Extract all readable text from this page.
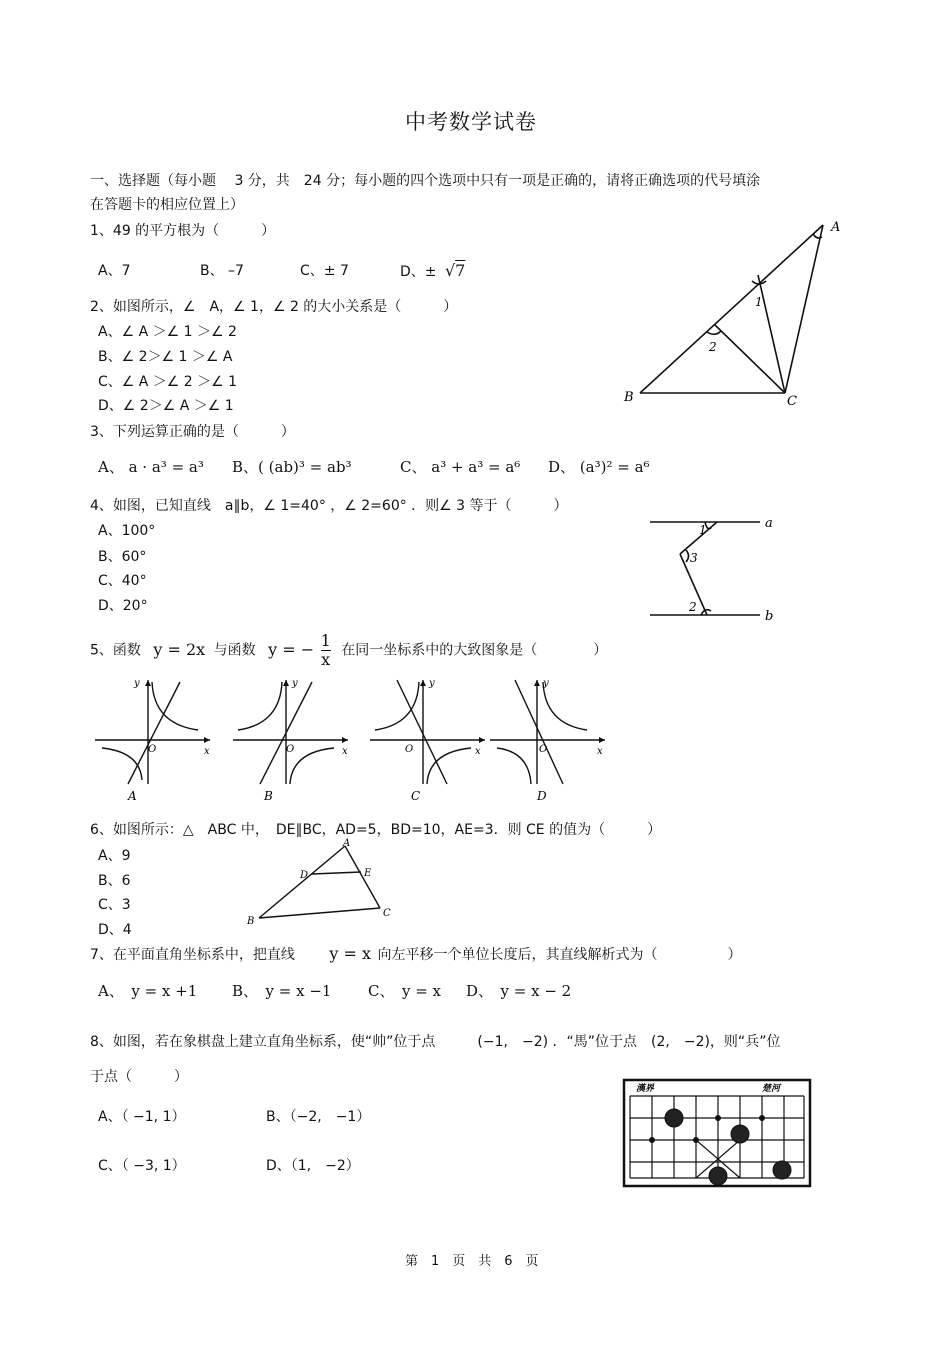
中考数学试卷
一、选择题（每小题　 3 分，共　24 分；每小题的四个选项中只有一项是正确的，请将正确选项的代号填涂
在答题卡的相应位置上）
1、49 的平方根为（　　　）
A、7	B、 –7	C、± 7	D、± √7
2、如图所示，∠　A，∠ 1，∠ 2 的大小关系是（　　　）
A、∠ A ＞∠ 1 ＞∠ 2
B、∠ 2＞∠ 1 ＞∠ A
C、∠ A ＞∠ 2 ＞∠ 1
D、∠ 2＞∠ A ＞∠ 1
B	C
A
1
2
3、下列运算正确的是（　　　）
A、 a · a³ = a³ B、( (ab)³ = ab³	C、 a³ + a³ = a⁶ D、 (a³)² = a⁶
4、如图，已知直线　a∥b，∠ 1=40° ，∠ 2=60° ．则∠ 3 等于（　　　）
A、100°
B、60°
C、40°
D、20°
a
b
1
3
2
5、函数 y = 2x 与函数 y = − $\frac{1}{x}$ 在同一坐标系中的大致图象是（　　　　）
x
y
O
A
x
y
O
B
x
y
O
C
x
y
O
D
6、如图所示：△　ABC 中，　DE∥BC，AD=5，BD=10，AE=3．则 CE 的值为（　　　）
A、9
B、6
C、3
D、4
B
C
A
D	E
7、在平面直角坐标系中，把直线 y = x 向左平移一个单位长度后，其直线解析式为（　　　　　）
A、　y = x +1 B、　y = x −1 C、　y = x D、　y = x − 2
8、如图，若在象棋盘上建立直角坐标系，使“帅”位于点　　　(−1,　−2) ．“馬”位于点　(2,　−2)，则“兵”位
于点（　　　）
A、（ −1, 1）	B、（−2,　−1）
C、（ −3, 1）	D、（1,　−2）
漢界	楚河
第　1　页　共　6　页
